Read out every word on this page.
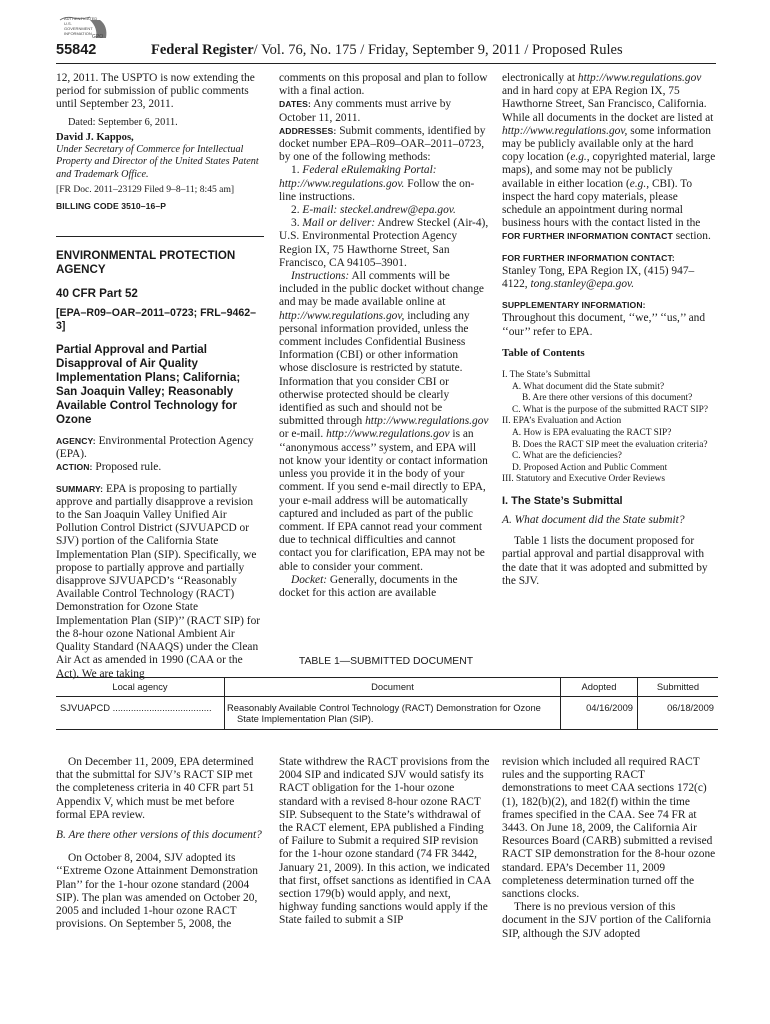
AUTHENTICATED U.S. GOVERNMENT INFORMATION
GPO
55842	Federal Register/ Vol. 76, No. 175 / Friday, September 9, 2011 / Proposed Rules

12, 2011. The USPTO is now extending the period for submission of public comments until September 23, 2011.

Dated: September 6, 2011.

David J. Kappos,

Under Secretary of Commerce for Intellectual Property and Director of the United States Patent and Trademark Office.

[FR Doc. 2011–23129 Filed 9–8–11; 8:45 am]

BILLING CODE 3510–16–P

ENVIRONMENTAL PROTECTION AGENCY

40 CFR Part 52

[EPA–R09–OAR–2011–0723; FRL–9462–3]

Partial Approval and Partial Disapproval of Air Quality Implementation Plans; California; San Joaquin Valley; Reasonably Available Control Technology for Ozone

AGENCY: Environmental Protection Agency (EPA).

ACTION: Proposed rule.

SUMMARY: EPA is proposing to partially approve and partially disapprove a revision to the San Joaquin Valley Unified Air Pollution Control District (SJVUAPCD or SJV) portion of the California State Implementation Plan (SIP). Specifically, we propose to partially approve and partially disapprove SJVUAPCD’s ‘‘Reasonably Available Control Technology (RACT) Demonstration for Ozone State Implementation Plan (SIP)’’ (RACT SIP) for the 8-hour ozone National Ambient Air Quality Standard (NAAQS) under the Clean Air Act as amended in 1990 (CAA or the Act). We are taking

comments on this proposal and plan to follow with a final action.

DATES: Any comments must arrive by October 11, 2011.

ADDRESSES: Submit comments, identified by docket number EPA–R09–OAR–2011–0723, by one of the following methods:

1. Federal eRulemaking Portal: http://www.regulations.gov. Follow the on-line instructions.

2. E-mail: steckel.andrew@epa.gov.

3. Mail or deliver: Andrew Steckel (Air-4), U.S. Environmental Protection Agency Region IX, 75 Hawthorne Street, San Francisco, CA 94105–3901.

Instructions: All comments will be included in the public docket without change and may be made available online at http://www.regulations.gov, including any personal information provided, unless the comment includes Confidential Business Information (CBI) or other information whose disclosure is restricted by statute. Information that you consider CBI or otherwise protected should be clearly identified as such and should not be submitted through http://www.regulations.gov or e-mail. http://www.regulations.gov is an ‘‘anonymous access’’ system, and EPA will not know your identity or contact information unless you provide it in the body of your comment. If you send e-mail directly to EPA, your e-mail address will be automatically captured and included as part of the public comment. If EPA cannot read your comment due to technical difficulties and cannot contact you for clarification, EPA may not be able to consider your comment.

Docket: Generally, documents in the docket for this action are available

electronically at http://www.regulations.gov and in hard copy at EPA Region IX, 75 Hawthorne Street, San Francisco, California. While all documents in the docket are listed at http://www.regulations.gov, some information may be publicly available only at the hard copy location (e.g., copyrighted material, large maps), and some may not be publicly available in either location (e.g., CBI). To inspect the hard copy materials, please schedule an appointment during normal business hours with the contact listed in the FOR FURTHER INFORMATION CONTACT section.

FOR FURTHER INFORMATION CONTACT:

Stanley Tong, EPA Region IX, (415) 947–4122, tong.stanley@epa.gov.

SUPPLEMENTARY INFORMATION:

Throughout this document, ‘‘we,’’ ‘‘us,’’ and ‘‘our’’ refer to EPA.

Table of Contents

I. The State’s Submittal

A. What document did the State submit?

B. Are there other versions of this document?

C. What is the purpose of the submitted RACT SIP?

II. EPA’s Evaluation and Action

A. How is EPA evaluating the RACT SIP?

B. Does the RACT SIP meet the evaluation criteria?

C. What are the deficiencies?

D. Proposed Action and Public Comment

III. Statutory and Executive Order Reviews

I. The State’s Submittal

A. What document did the State submit?

Table 1 lists the document proposed for partial approval and partial disapproval with the date that it was adopted and submitted by the SJV.

TABLE 1—SUBMITTED DOCUMENT
Local agency	Document	Adopted	Submitted
SJVUAPCD ......................................	Reasonably Available Control Technology (RACT) Demonstration for Ozone State Implementation Plan (SIP).	04/16/2009	06/18/2009

On December 11, 2009, EPA determined that the submittal for SJV’s RACT SIP met the completeness criteria in 40 CFR part 51 Appendix V, which must be met before formal EPA review.

B. Are there other versions of this document?

On October 8, 2004, SJV adopted its ‘‘Extreme Ozone Attainment Demonstration Plan’’ for the 1-hour ozone standard (2004 SIP). The plan was amended on October 20, 2005 and included 1-hour ozone RACT provisions. On September 5, 2008, the

State withdrew the RACT provisions from the 2004 SIP and indicated SJV would satisfy its RACT obligation for the 1-hour ozone standard with a revised 8-hour ozone RACT SIP. Subsequent to the State’s withdrawal of the RACT element, EPA published a Finding of Failure to Submit a required SIP revision for the 1-hour ozone standard (74 FR 3442, January 21, 2009). In this action, we indicated that first, offset sanctions as identified in CAA section 179(b) would apply, and next, highway funding sanctions would apply if the State failed to submit a SIP

revision which included all required RACT rules and the supporting RACT demonstrations to meet CAA sections 172(c)(1), 182(b)(2), and 182(f) within the time frames specified in the CAA. See 74 FR at 3443. On June 18, 2009, the California Air Resources Board (CARB) submitted a revised RACT SIP demonstration for the 8-hour ozone standard. EPA’s December 11, 2009 completeness determination turned off the sanctions clocks.

There is no previous version of this document in the SJV portion of the California SIP, although the SJV adopted
